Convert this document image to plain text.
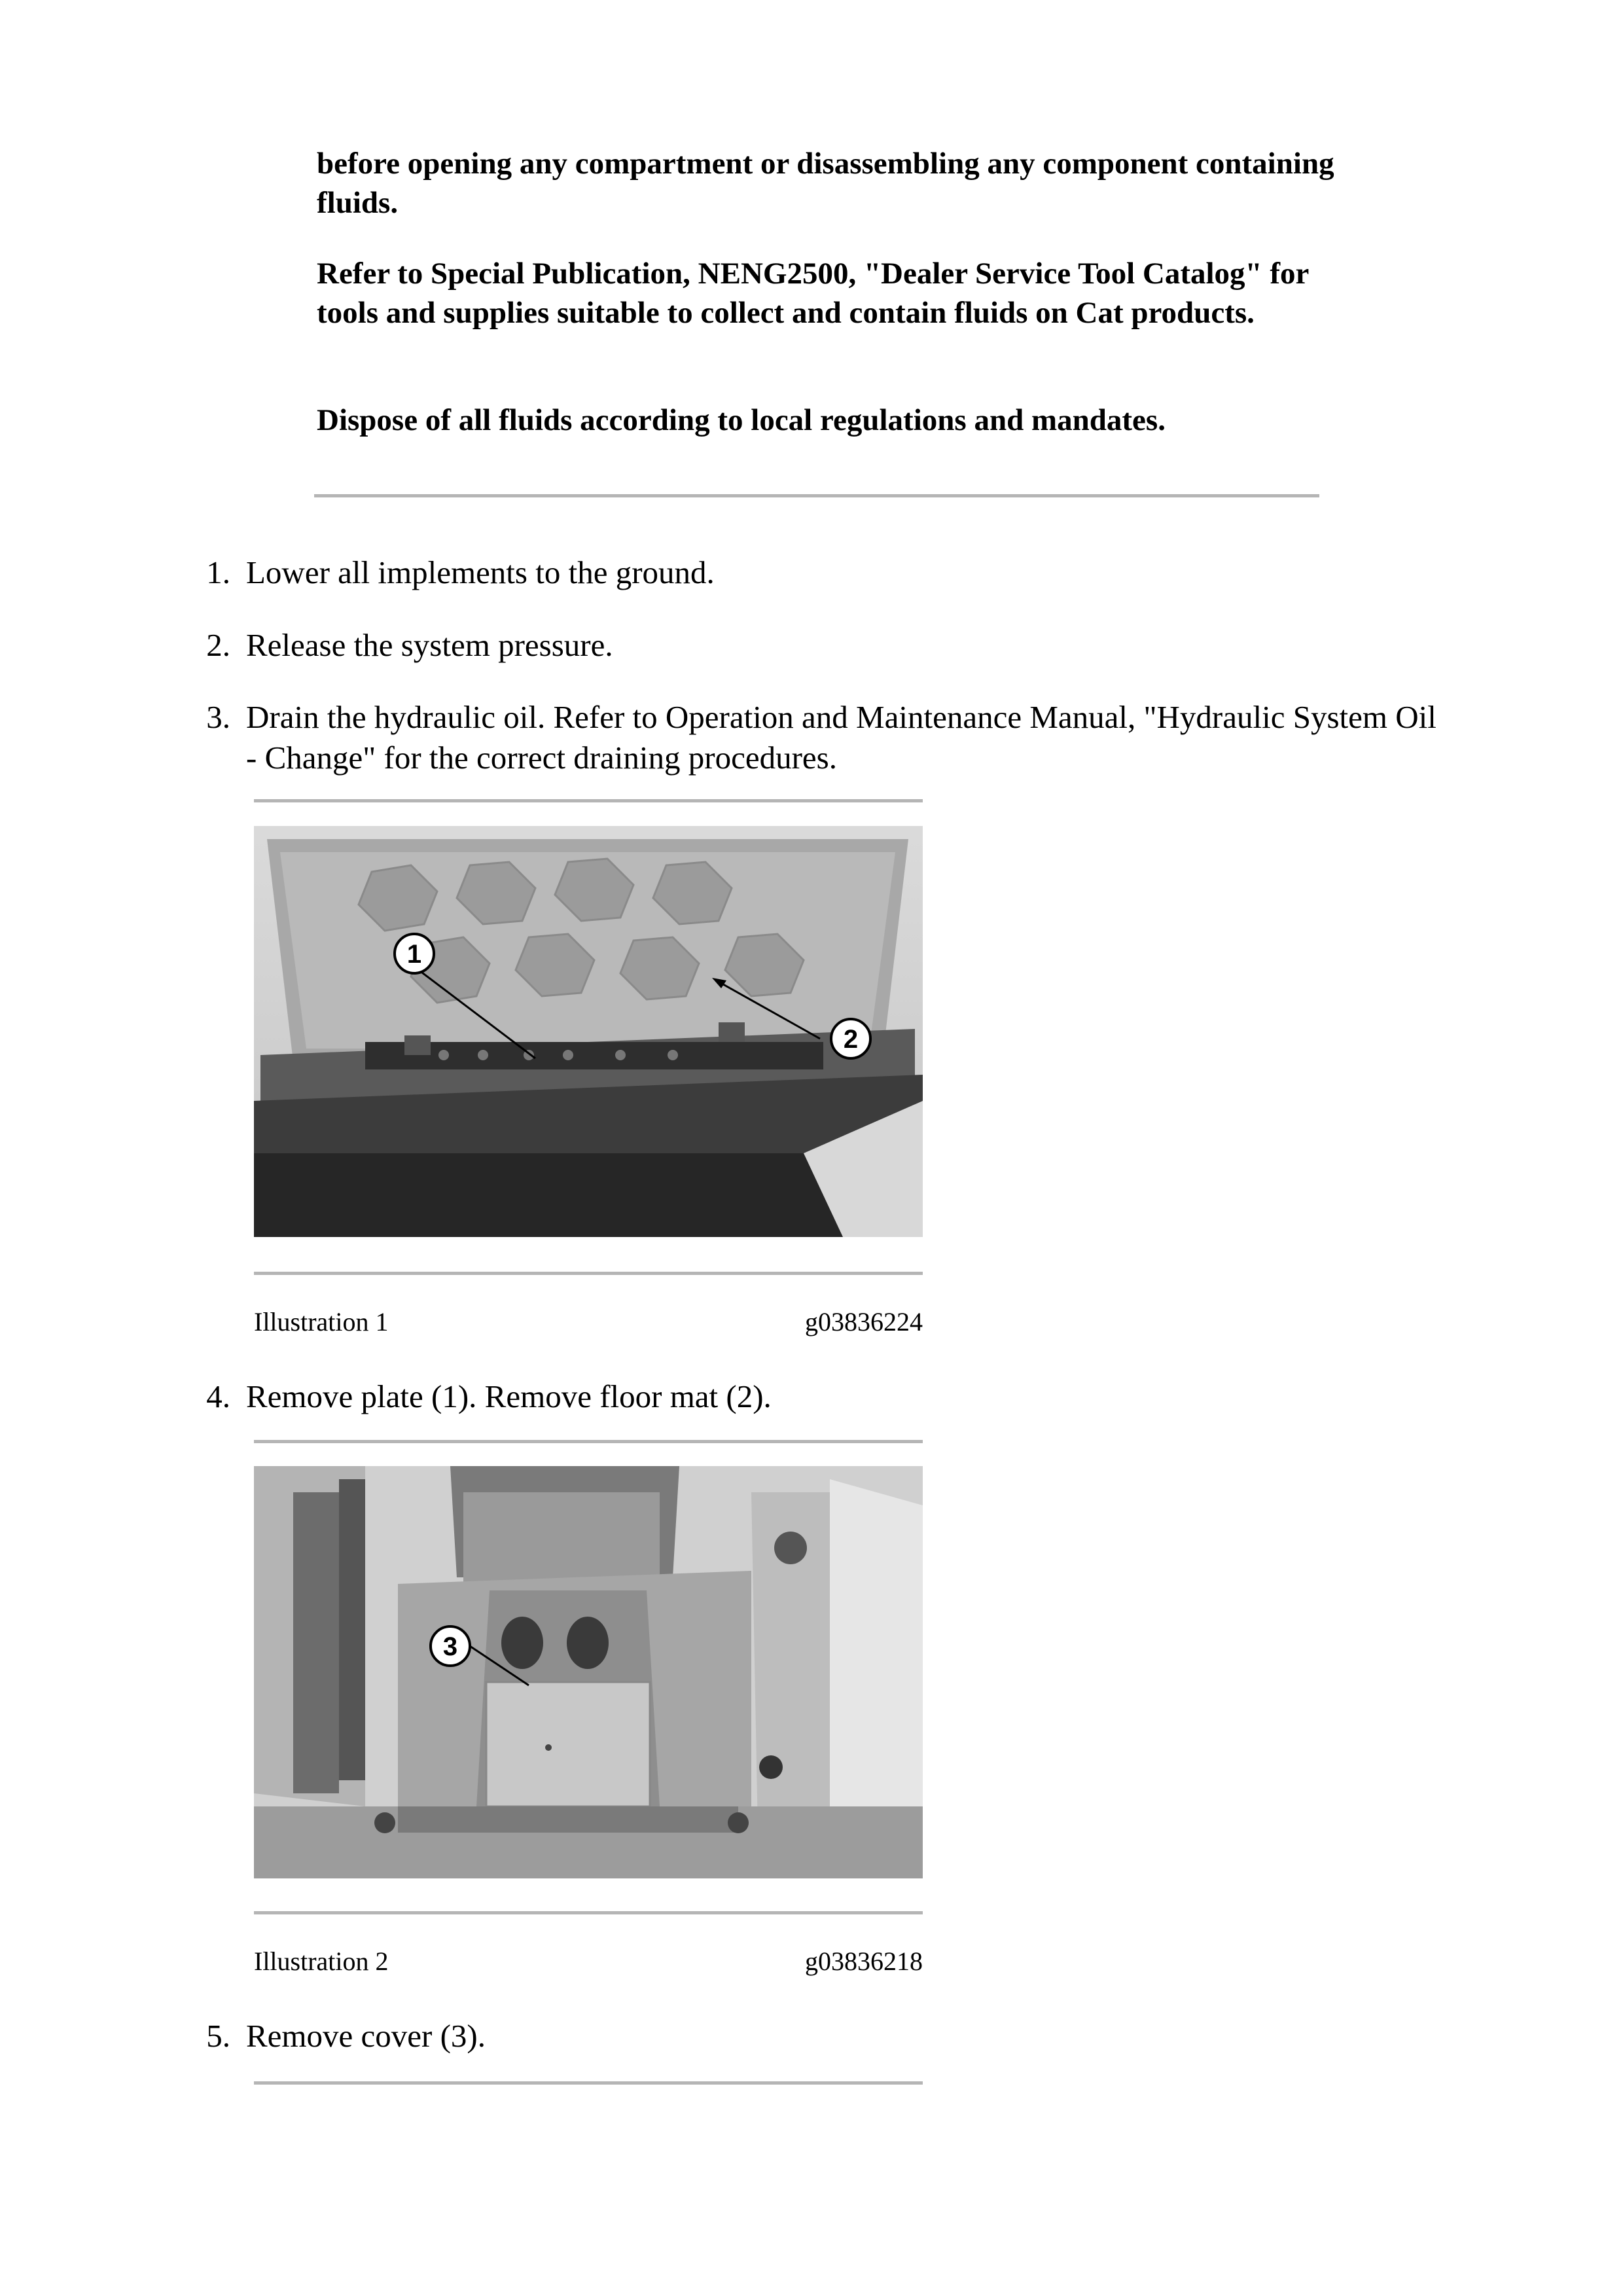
before opening any compartment or disassembling any component containing fluids.
Refer to Special Publication, NENG2500, "Dealer Service Tool Catalog" for tools and supplies suitable to collect and contain fluids on Cat products.
Dispose of all fluids according to local regulations and mandates.
1. Lower all implements to the ground.
2. Release the system pressure.
3. Drain the hydraulic oil. Refer to Operation and Maintenance Manual, "Hydraulic System Oil - Change" for the correct draining procedures.
1
2
Illustration 1	g03836224
4. Remove plate (1). Remove floor mat (2).
3
Illustration 2	g03836218
5. Remove cover (3).
